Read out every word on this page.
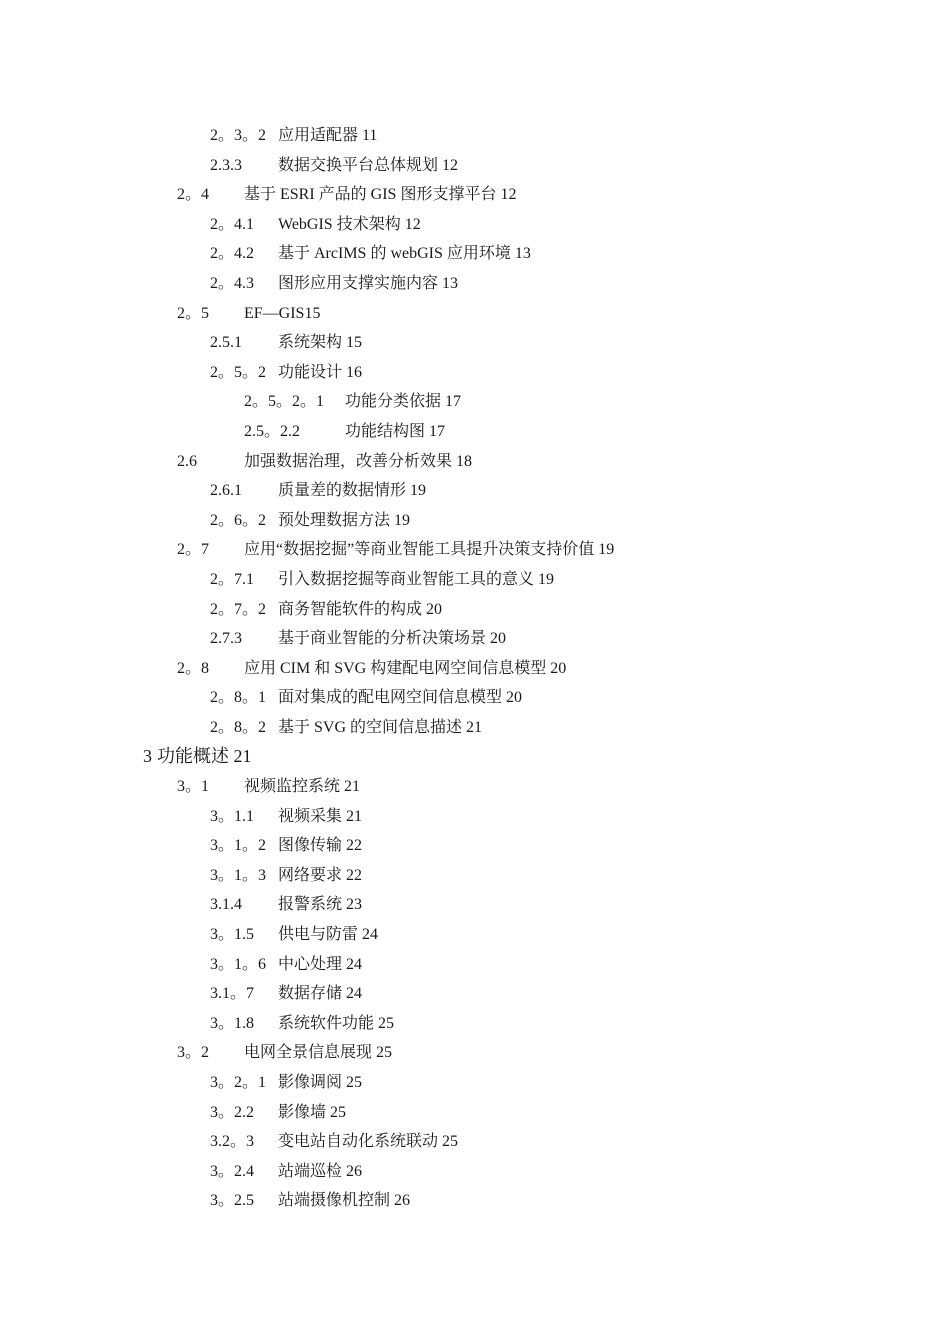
2。3。2 应用适配器 11
2.3.3 数据交换平台总体规划 12
2。4 基于 ESRI 产品的 GIS 图形支撑平台 12
2。4.1 WebGIS 技术架构 12
2。4.2 基于 ArcIMS 的 webGIS 应用环境 13
2。4.3 图形应用支撑实施内容 13
2。5 EF—GIS15
2.5.1 系统架构 15
2。5。2 功能设计 16
2。5。2。1 功能分类依据 17
2.5。2.2	功能结构图 17
2.6	加强数据治理，改善分析效果 18
2.6.1 质量差的数据情形 19
2。6。2 预处理数据方法 19
2。7 应用“数据挖掘”等商业智能工具提升决策支持价值 19
2。7.1 引入数据挖掘等商业智能工具的意义 19
2。7。2 商务智能软件的构成 20
2.7.3 基于商业智能的分析决策场景 20
2。8 应用 CIM 和 SVG 构建配电网空间信息模型 20
2。8。1 面对集成的配电网空间信息模型 20
2。8。2 基于 SVG 的空间信息描述 21
3 功能概述 21
3。1 视频监控系统 21
3。1.1 视频采集 21
3。1。2 图像传输 22
3。1。3 网络要求 22
3.1.4 报警系统 23
3。1.5 供电与防雷 24
3。1。6 中心处理 24
3.1。7 数据存储 24
3。1.8 系统软件功能 25
3。2 电网全景信息展现 25
3。2。1 影像调阅 25
3。2.2 影像墙 25
3.2。3 变电站自动化系统联动 25
3。2.4 站端巡检 26
3。2.5 站端摄像机控制 26
